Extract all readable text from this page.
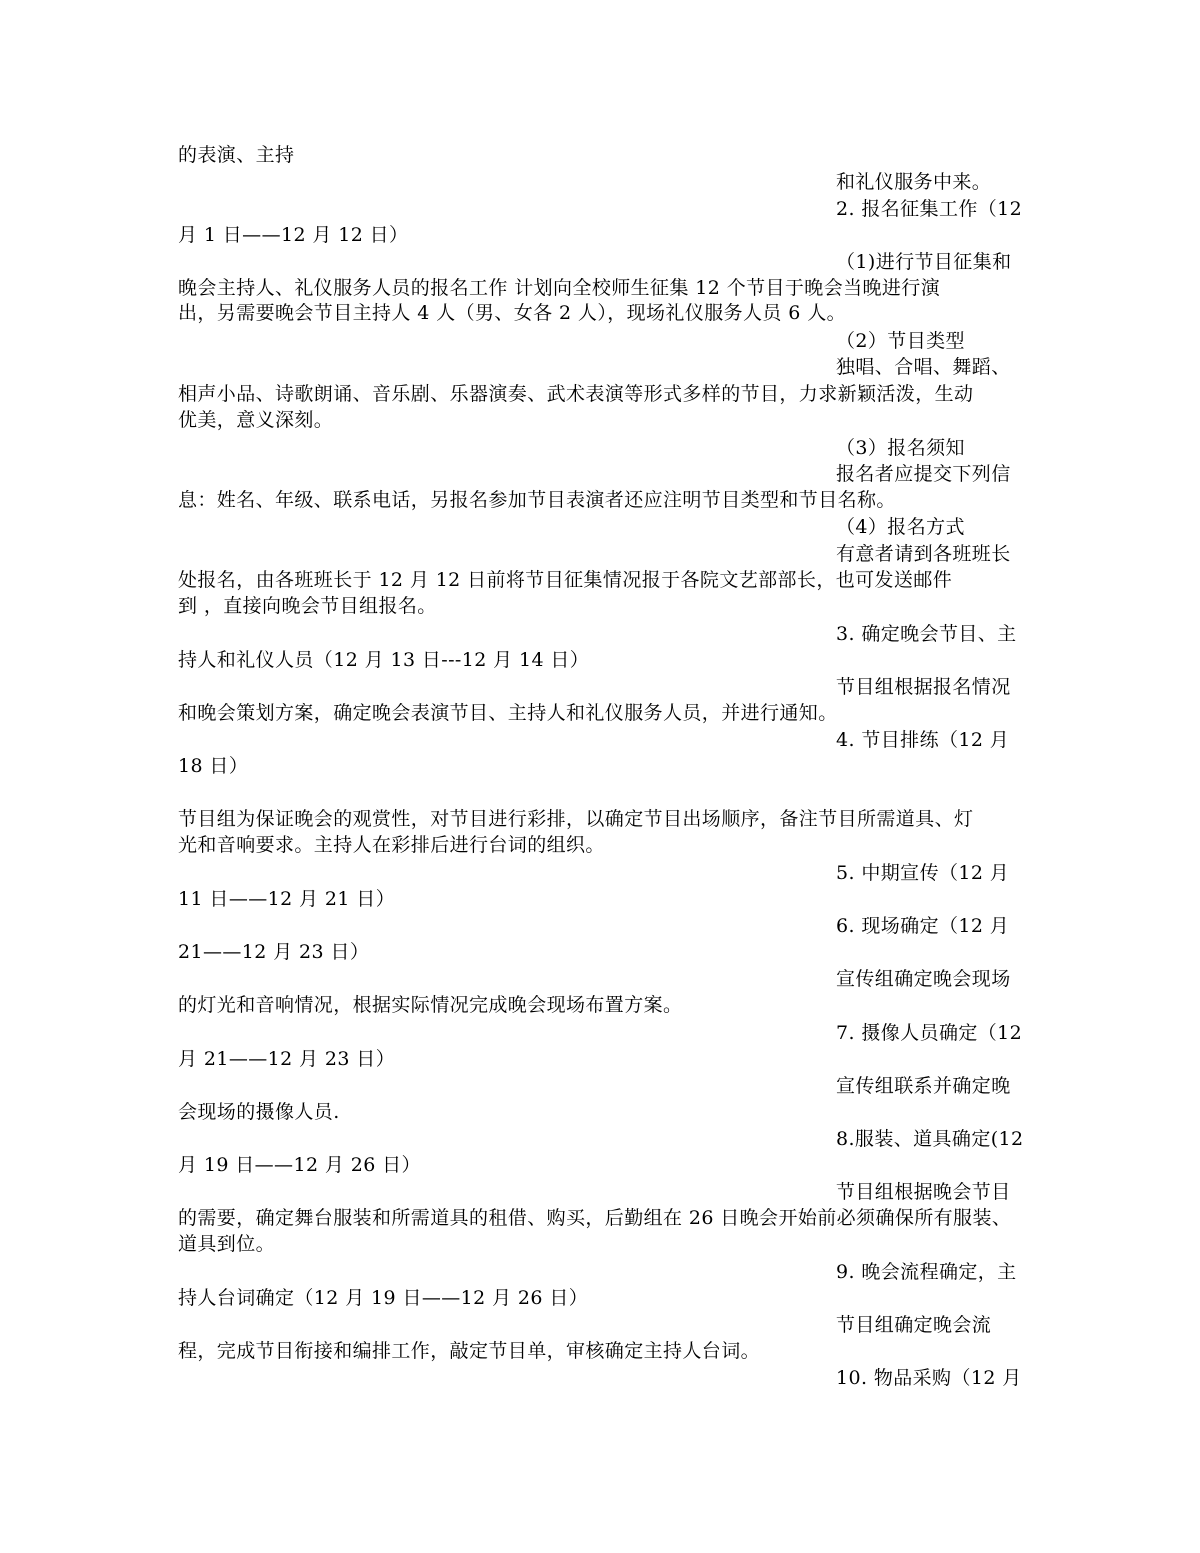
的表演、主持

和礼仪服务中来。

2. 报名征集工作（12

月 1 日——12 月 12 日）

（1)进行节目征集和

晚会主持人、礼仪服务人员的报名工作 计划向全校师生征集 12 个节目于晚会当晚进行演

出，另需要晚会节目主持人 4 人（男、女各 2 人），现场礼仪服务人员 6 人。

（2）节目类型

独唱、合唱、舞蹈、

相声小品、诗歌朗诵、音乐剧、乐器演奏、武术表演等形式多样的节目，力求新颖活泼，生动

优美，意义深刻。

（3）报名须知

报名者应提交下列信

息：姓名、年级、联系电话，另报名参加节目表演者还应注明节目类型和节目名称。

（4）报名方式

有意者请到各班班长

处报名，由各班班长于 12 月 12 日前将节目征集情况报于各院文艺部部长，也可发送邮件

到 ，直接向晚会节目组报名。

3. 确定晚会节目、主

持人和礼仪人员（12 月 13 日---12 月 14 日）

节目组根据报名情况

和晚会策划方案，确定晚会表演节目、主持人和礼仪服务人员，并进行通知。

4. 节目排练（12 月

18 日）

节目组为保证晚会的观赏性，对节目进行彩排，以确定节目出场顺序，备注节目所需道具、灯

光和音响要求。主持人在彩排后进行台词的组织。

5. 中期宣传（12 月

11 日——12 月 21 日）

6. 现场确定（12 月

21——12 月 23 日）

宣传组确定晚会现场

的灯光和音响情况，根据实际情况完成晚会现场布置方案。

7. 摄像人员确定（12

月 21——12 月 23 日）

宣传组联系并确定晚

会现场的摄像人员.

8.服装、道具确定(12

月 19 日——12 月 26 日）

节目组根据晚会节目

的需要，确定舞台服装和所需道具的租借、购买，后勤组在 26 日晚会开始前必须确保所有服装、

道具到位。

9. 晚会流程确定，主

持人台词确定（12 月 19 日——12 月 26 日）

节目组确定晚会流

程，完成节目衔接和编排工作，敲定节目单，审核确定主持人台词。

10. 物品采购（12 月
